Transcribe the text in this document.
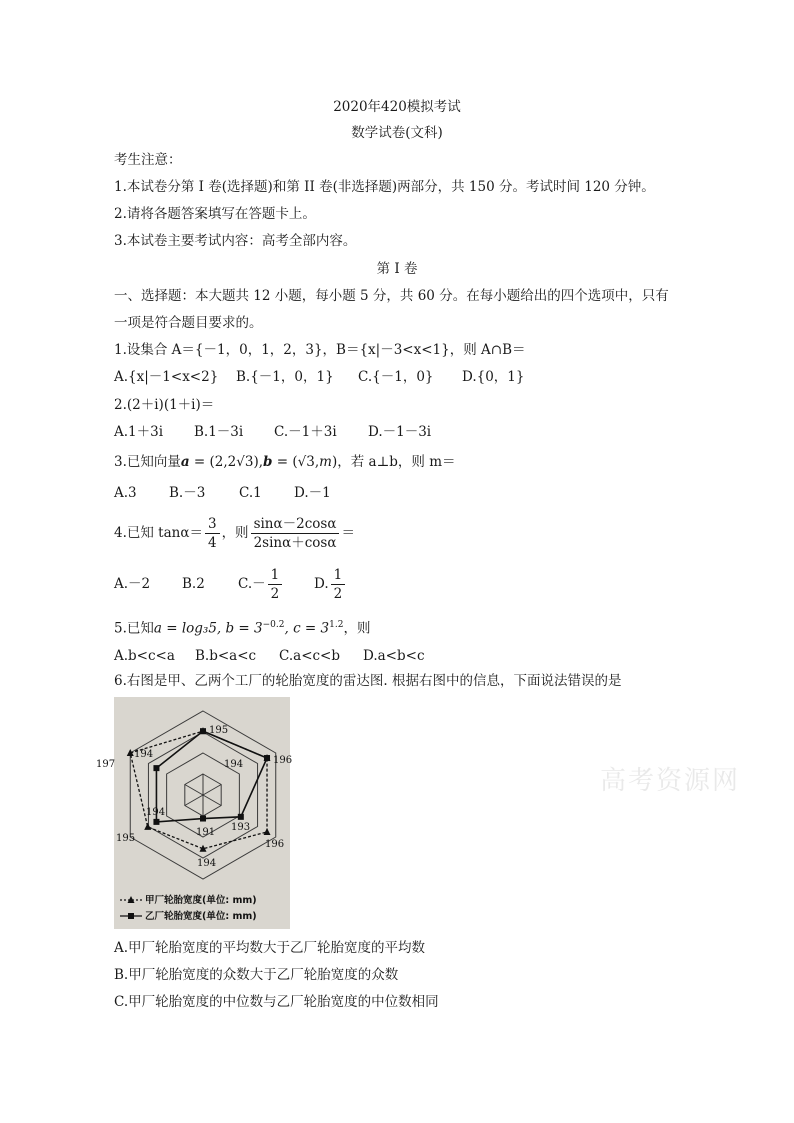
2020年420模拟考试
数学试卷(文科)
考生注意：
1.本试卷分第 I 卷(选择题)和第 II 卷(非选择题)两部分，共 150 分。考试时间 120 分钟。
2.请将各题答案填写在答题卡上。
3.本试卷主要考试内容：高考全部内容。
第 I 卷
一、选择题：本大题共 12 小题，每小题 5 分，共 60 分。在每小题给出的四个选项中，只有
一项是符合题目要求的。
1.设集合 A＝{－1，0，1，2，3}，B＝{x|－3<x<1}，则 A∩B＝
A.{x|－1<x<2} B.{－1，0，1} C.{－1，0} D.{0，1}
2.(2＋i)(1＋i)＝
A.1＋3i B.1－3i C.－1＋3i D.－1－3i
3.已知向量a = (2,2√3),b = (√3,m)，若 a⊥b，则 m＝
A.3 B.－3 C.1 D.－1
4.已知 $\tan\alpha= \frac{3}{4}$ ，则 $\frac{\sin\alpha-2\cos\alpha}{2\sin\alpha+\cos\alpha}$ ＝
A.－2 B.2 $C.- \frac{1}{2} D$. $\frac{1}{2}$
5.已知a = log₃5, $b = 3^{-0.2}$, $c = 3^{1.2}$，则
A.b<c<a B.b<a<c C.a<c<b D.a<b<c
6.右图是甲、乙两个工厂的轮胎宽度的雷达图. 根据右图中的信息，下面说法错误的是
195
196
196
194
195
197
194
193
191
194
194
甲厂轮胎宽度(单位: mm)
乙厂轮胎宽度(单位: mm)
高考资源网
A.甲厂轮胎宽度的平均数大于乙厂轮胎宽度的平均数
B.甲厂轮胎宽度的众数大于乙厂轮胎宽度的众数
C.甲厂轮胎宽度的中位数与乙厂轮胎宽度的中位数相同
